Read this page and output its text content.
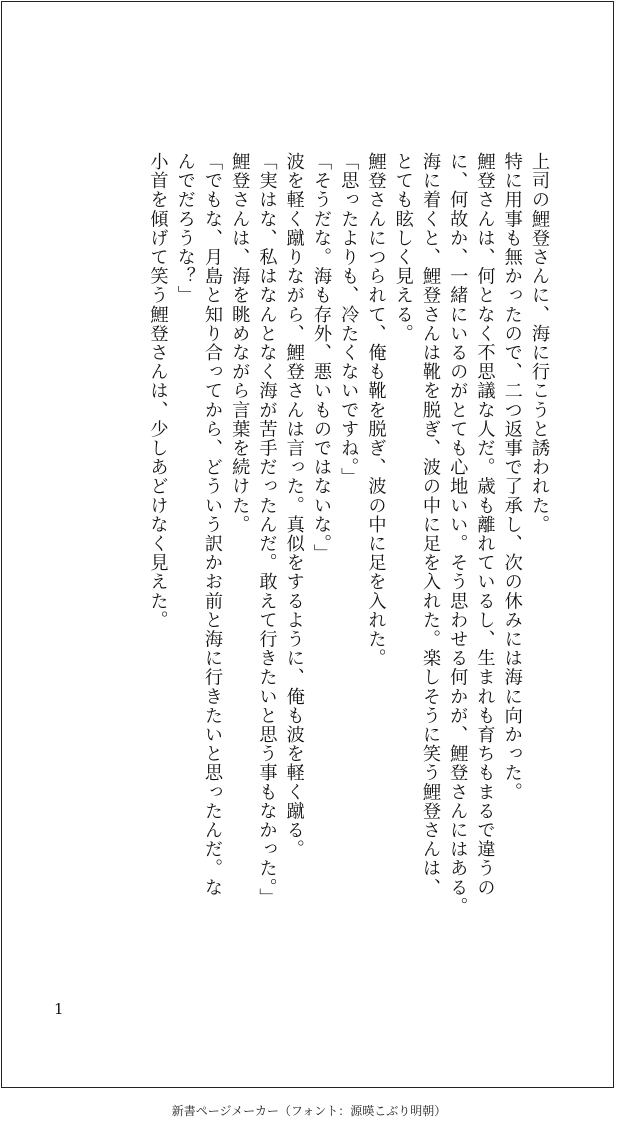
上司の鯉登さんに、海に行こうと誘われた。
特に用事も無かったので、二つ返事で了承し、次の休みには海に向かった。
鯉登さんは、何となく不思議な人だ。歳も離れているし、生まれも育ちもまるで違うの
に、何故か、一緒にいるのがとても心地いい。そう思わせる何かが、鯉登さんにはある。
海に着くと、鯉登さんは靴を脱ぎ、波の中に足を入れた。楽しそうに笑う鯉登さんは、
とても眩しく見える。
鯉登さんにつられて、俺も靴を脱ぎ、波の中に足を入れた。
「思ったよりも、冷たくないですね。」
「そうだな。海も存外、悪いものではないな。」
波を軽く蹴りながら、鯉登さんは言った。真似をするように、俺も波を軽く蹴る。
「実はな、私はなんとなく海が苦手だったんだ。敢えて行きたいと思う事もなかった。」
鯉登さんは、海を眺めながら言葉を続けた。
「でもな、月島と知り合ってから、どういう訳かお前と海に行きたいと思ったんだ。な
んでだろうな？」
小首を傾げて笑う鯉登さんは、少しあどけなく見えた。
1
新書ページメーカー（フォント：源暎こぶり明朝）
